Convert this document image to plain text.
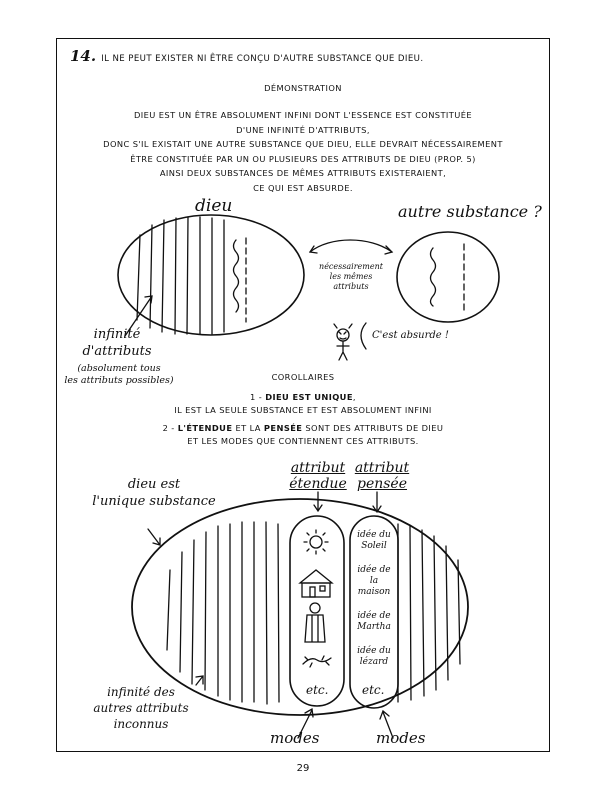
14. IL NE PEUT EXISTER NI ÊTRE CONÇU D'AUTRE SUBSTANCE QUE DIEU.
DÉMONSTRATION
DIEU EST UN ÊTRE ABSOLUMENT INFINI DONT L'ESSENCE EST CONSTITUÉE
D'UNE INFINITÉ D'ATTRIBUTS,
DONC S'IL EXISTAIT UNE AUTRE SUBSTANCE QUE DIEU, ELLE DEVRAIT NÉCESSAIREMENT
ÊTRE CONSTITUÉE PAR UN OU PLUSIEURS DES ATTRIBUTS DE DIEU (PROP. 5)
AINSI DEUX SUBSTANCES DE MÊMES ATTRIBUTS EXISTERAIENT,
CE QUI EST ABSURDE.
dieu	autre substance ?
nécessairement
les mêmes
attributs
infinité
d'attributs
(absolument tous
les attributs possibles)
C'est absurde !
COROLLAIRES
1 - DIEU EST UNIQUE,
IL EST LA SEULE SUBSTANCE ET EST ABSOLUMENT INFINI
2 - L'ÉTENDUE ET LA PENSÉE SONT DES ATTRIBUTS DE DIEU
ET LES MODES QUE CONTIENNENT CES ATTRIBUTS.
dieu est
l'unique substance
attribut
étendue
attribut
pensée
idée du
Soleil
idée de la
maison
idée de
Martha
idée du
lézard
etc.	etc.
infinité des
autres attributs
inconnus
modes	modes
29
